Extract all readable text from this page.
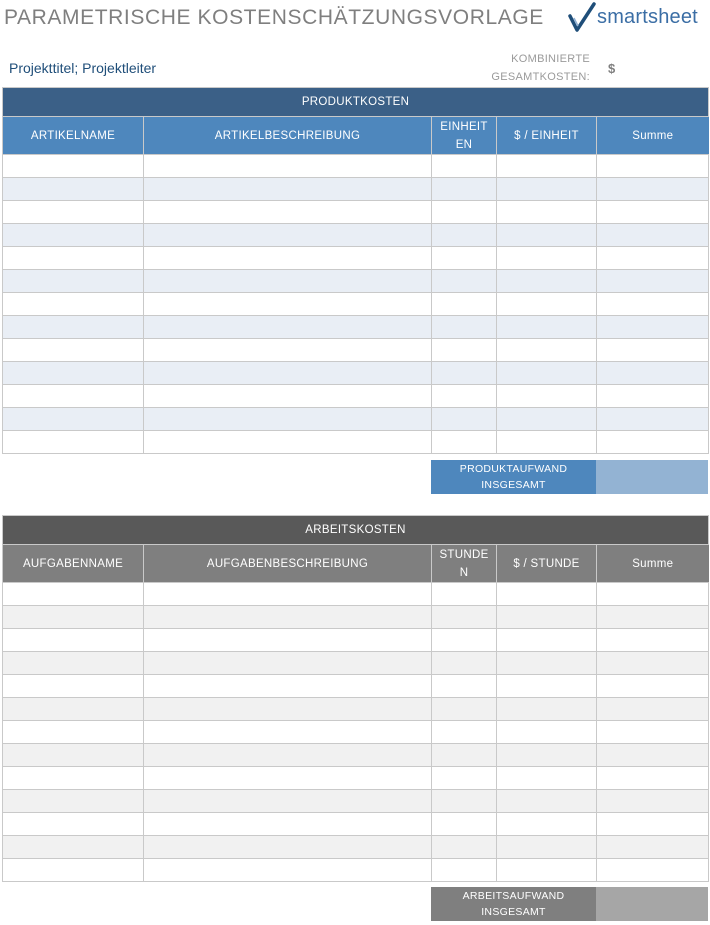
PARAMETRISCHE KOSTENSCHÄTZUNGSVORLAGE	smartsheet
Projekttitel; Projektleiter
KOMBINIERTE
GESAMTKOSTEN:
$
PRODUKTKOSTEN				
ARTIKELNAME	ARTIKELBESCHREIBUNG	EINHEIT EN	$ / EINHEIT	Summe

PRODUKTAUFWAND
INSGESAMT
ARBEITSKOSTEN				
AUFGABENNAME	AUFGABENBESCHREIBUNG	STUNDE N	$ / STUNDE	Summe

ARBEITSAUFWAND
INSGESAMT
